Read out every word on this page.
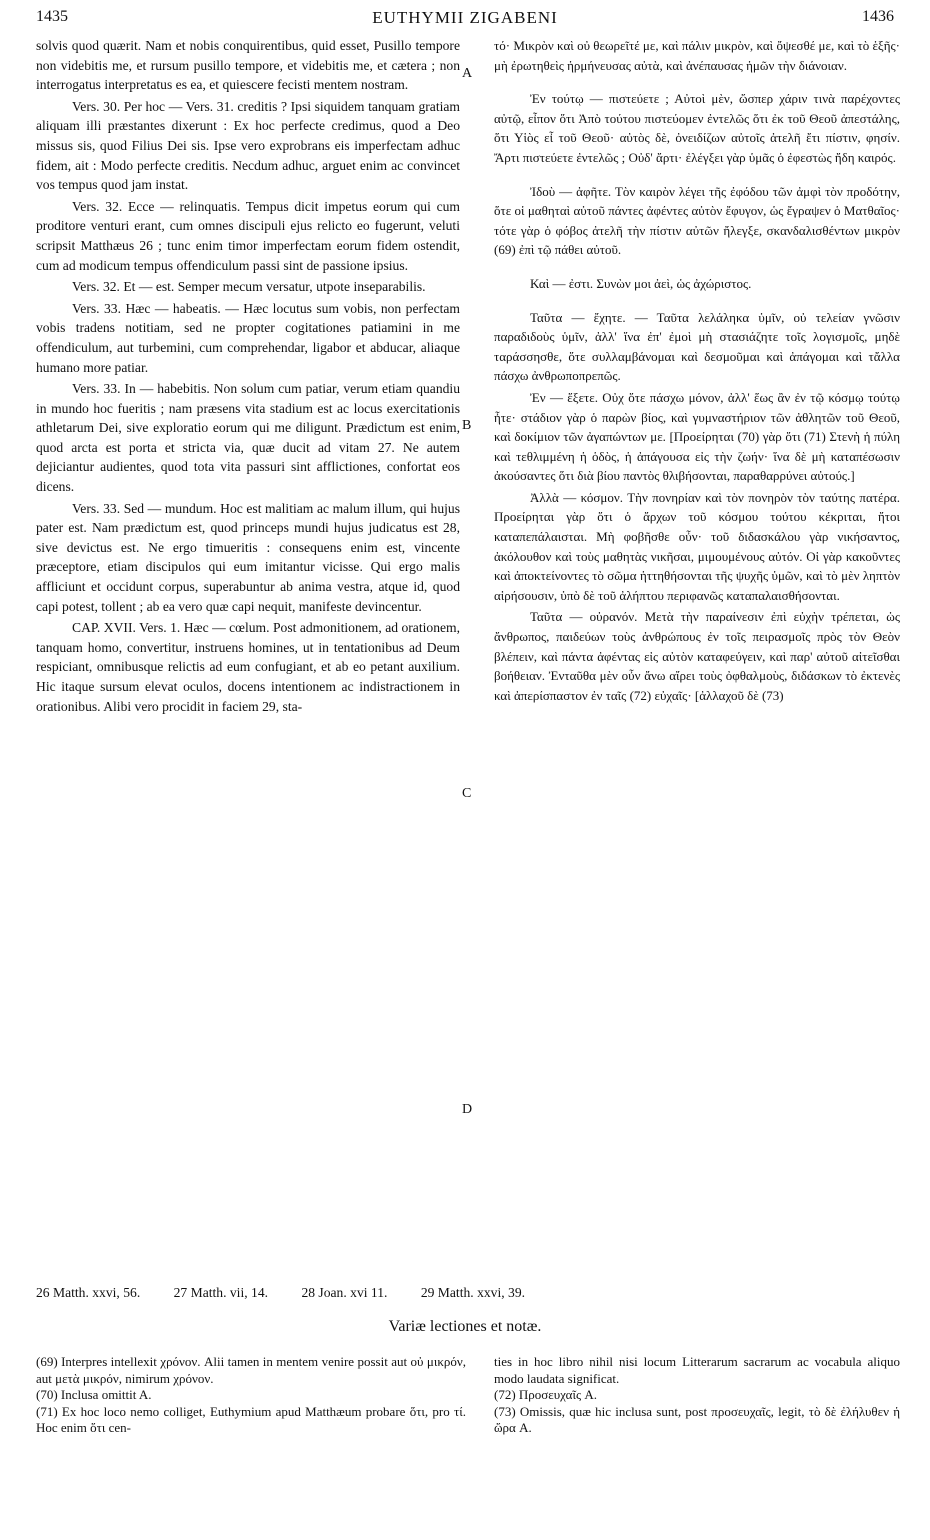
1435	EUTHYMII ZIGABENI	1436

solvis quod quærit. Nam et nobis conquirentibus, quid esset, Pusillo tempore non videbitis me, et rursum pusillo tempore, et videbitis me, et cætera ; non interrogatus interpretatus es ea, et quiescere fecisti mentem nostram.

Vers. 30. Per hoc — Vers. 31. creditis ? Ipsi siquidem tanquam gratiam aliquam illi præstantes dixerunt : Ex hoc perfecte credimus, quod a Deo missus sis, quod Filius Dei sis. Ipse vero exprobrans eis imperfectam adhuc fidem, ait : Modo perfecte creditis. Necdum adhuc, arguet enim ac convincet vos tempus quod jam instat.

Vers. 32. Ecce — relinquatis. Tempus dicit impetus eorum qui cum proditore venturi erant, cum omnes discipuli ejus relicto eo fugerunt, veluti scripsit Matthæus 26 ; tunc enim timor imperfectam eorum fidem ostendit, cum ad modicum tempus offendiculum passi sint de passione ipsius.

Vers. 32. Et — est. Semper mecum versatur, utpote inseparabilis.

Vers. 33. Hæc — habeatis. — Hæc locutus sum vobis, non perfectam vobis tradens notitiam, sed ne propter cogitationes patiamini in me offendiculum, aut turbemini, cum comprehendar, ligabor et abducar, aliaque humano more patiar.

Vers. 33. In — habebitis. Non solum cum patiar, verum etiam quandiu in mundo hoc fueritis ; nam præsens vita stadium est ac locus exercitationis athletarum Dei, sive exploratio eorum qui me diligunt. Prædictum est enim, quod arcta est porta et stricta via, quæ ducit ad vitam 27. Ne autem dejiciantur audientes, quod tota vita passuri sint afflictiones, confortat eos dicens.

Vers. 33. Sed — mundum. Hoc est malitiam ac malum illum, qui hujus pater est. Nam prædictum est, quod princeps mundi hujus judicatus est 28, sive devictus est. Ne ergo timueritis : consequens enim est, vincente præceptore, etiam discipulos qui eum imitantur vicisse. Qui ergo malis affliciunt et occidunt corpus, superabuntur ab anima vestra, atque id, quod capi potest, tollent ; ab ea vero quæ capi nequit, manifeste devincentur.

CAP. XVII. Vers. 1. Hæc — cœlum. Post admonitionem, ad orationem, tanquam homo, convertitur, instruens homines, ut in tentationibus ad Deum respiciant, omnibusque relictis ad eum confugiant, et ab eo petant auxilium. Hic itaque sursum elevat oculos, docens intentionem ac indistractionem in orationibus. Alibi vero procidit in faciem 29, sta-

A
B
C
D

τό· Μικρὸν καὶ οὐ θεωρεῖτέ με, καὶ πάλιν μικρὸν, καὶ ὄψεσθέ με, καὶ τὸ ἑξῆς· μὴ ἐρωτηθεὶς ἡρμήνευσας αὐτὰ, καὶ ἀνέπαυσας ἡμῶν τὴν διάνοιαν.

Ἐν τούτῳ — πιστεύετε ; Αὐτοὶ μὲν, ὥσπερ χάριν τινὰ παρέχοντες αὐτῷ, εἶπον ὅτι Ἀπὸ τούτου πιστεύομεν ἐντελῶς ὅτι ἐκ τοῦ Θεοῦ ἀπεστάλης, ὅτι Υἱὸς εἶ τοῦ Θεοῦ· αὐτὸς δὲ, ὀνειδίζων αὐτοῖς ἀτελῆ ἔτι πίστιν, φησίν. Ἄρτι πιστεύετε ἐντελῶς ; Οὐδ' ἄρτι· ἐλέγξει γὰρ ὑμᾶς ὁ ἐφεστὼς ἤδη καιρός.

Ἰδοὺ — ἀφῆτε. Τὸν καιρὸν λέγει τῆς ἐφόδου τῶν ἀμφὶ τὸν προδότην, ὅτε οἱ μαθηταὶ αὐτοῦ πάντες ἀφέντες αὐτὸν ἔφυγον, ὡς ἔγραψεν ὁ Ματθαῖος· τότε γὰρ ὁ φόβος ἀτελῆ τὴν πίστιν αὐτῶν ἤλεγξε, σκανδαλισθέντων μικρὸν (69) ἐπὶ τῷ πάθει αὐτοῦ.

Καὶ — ἐστι. Συνὼν μοι ἀεὶ, ὡς ἀχώριστος.

Ταῦτα — ἔχητε. — Ταῦτα λελάληκα ὑμῖν, οὐ τελείαν γνῶσιν παραδιδοὺς ὑμῖν, ἀλλ' ἵνα ἐπ' ἐμοὶ μὴ στασιάζητε τοῖς λογισμοῖς, μηδὲ ταράσσησθε, ὅτε συλλαμβάνομαι καὶ δεσμοῦμαι καὶ ἀπάγομαι καὶ τἄλλα πάσχω ἀνθρωποπρεπῶς.

Ἐν — ἕξετε. Οὐχ ὅτε πάσχω μόνον, ἀλλ' ἕως ἂν ἐν τῷ κόσμῳ τούτῳ ἦτε· στάδιον γὰρ ὁ παρὼν βίος, καὶ γυμναστήριον τῶν ἀθλητῶν τοῦ Θεοῦ, καὶ δοκίμιον τῶν ἀγαπώντων με. [Προείρηται (70) γὰρ ὅτι (71) Στενὴ ἡ πύλη καὶ τεθλιμμένη ἡ ὁδὸς, ἡ ἀπάγουσα εἰς τὴν ζωήν· ἵνα δὲ μὴ καταπέσωσιν ἀκούσαντες ὅτι διὰ βίου παντὸς θλιβήσονται, παραθαρρύνει αὐτούς.]

Ἀλλὰ — κόσμον. Τὴν πονηρίαν καὶ τὸν πονηρὸν τὸν ταύτης πατέρα. Προείρηται γὰρ ὅτι ὁ ἄρχων τοῦ κόσμου τούτου κέκριται, ἤτοι καταπεπάλαισται. Μὴ φοβῆσθε οὖν· τοῦ διδασκάλου γὰρ νικήσαντος, ἀκόλουθον καὶ τοὺς μαθητὰς νικῆσαι, μιμουμένους αὐτόν. Οἱ γὰρ κακοῦντες καὶ ἀποκτείνοντες τὸ σῶμα ἡττηθήσονται τῆς ψυχῆς ὑμῶν, καὶ τὸ μὲν ληπτὸν αἱρήσουσιν, ὑπὸ δὲ τοῦ ἀλήπτου περιφανῶς καταπαλαισθήσονται.

Ταῦτα — οὐρανόν. Μετὰ τὴν παραίνεσιν ἐπὶ εὐχὴν τρέπεται, ὡς ἄνθρωπος, παιδεύων τοὺς ἀνθρώπους ἐν τοῖς πειρασμοῖς πρὸς τὸν Θεὸν βλέπειν, καὶ πάντα ἀφέντας εἰς αὐτὸν καταφεύγειν, καὶ παρ' αὐτοῦ αἰτεῖσθαι βοήθειαν. Ἐνταῦθα μὲν οὖν ἄνω αἴρει τοὺς ὀφθαλμοὺς, διδάσκων τὸ ἐκτενὲς καὶ ἀπερίσπαστον ἐν ταῖς (72) εὐχαῖς· [ἀλλαχοῦ δὲ (73)

26 Matth. xxvi, 56. 27 Matth. vii, 14. 28 Joan. xvi 11. 29 Matth. xxvi, 39.
Variæ lectiones et notæ.

(69) Interpres intellexit χρόνον. Alii tamen in mentem venire possit aut οὐ μικρόν, aut μετὰ μικρόν, nimirum χρόνον.

(70) Inclusa omittit A.

(71) Ex hoc loco nemo colliget, Euthymium apud Matthæum probare ὅτι, pro τί. Hoc enim ὅτι cen-

ties in hoc libro nihil nisi locum Litterarum sacrarum ac vocabula aliquo modo laudata significat.

(72) Προσευχαῖς A.

(73) Omissis, quæ hic inclusa sunt, post προσευχαῖς, legit, τὸ δὲ ἐλήλυθεν ἡ ὥρα A.
